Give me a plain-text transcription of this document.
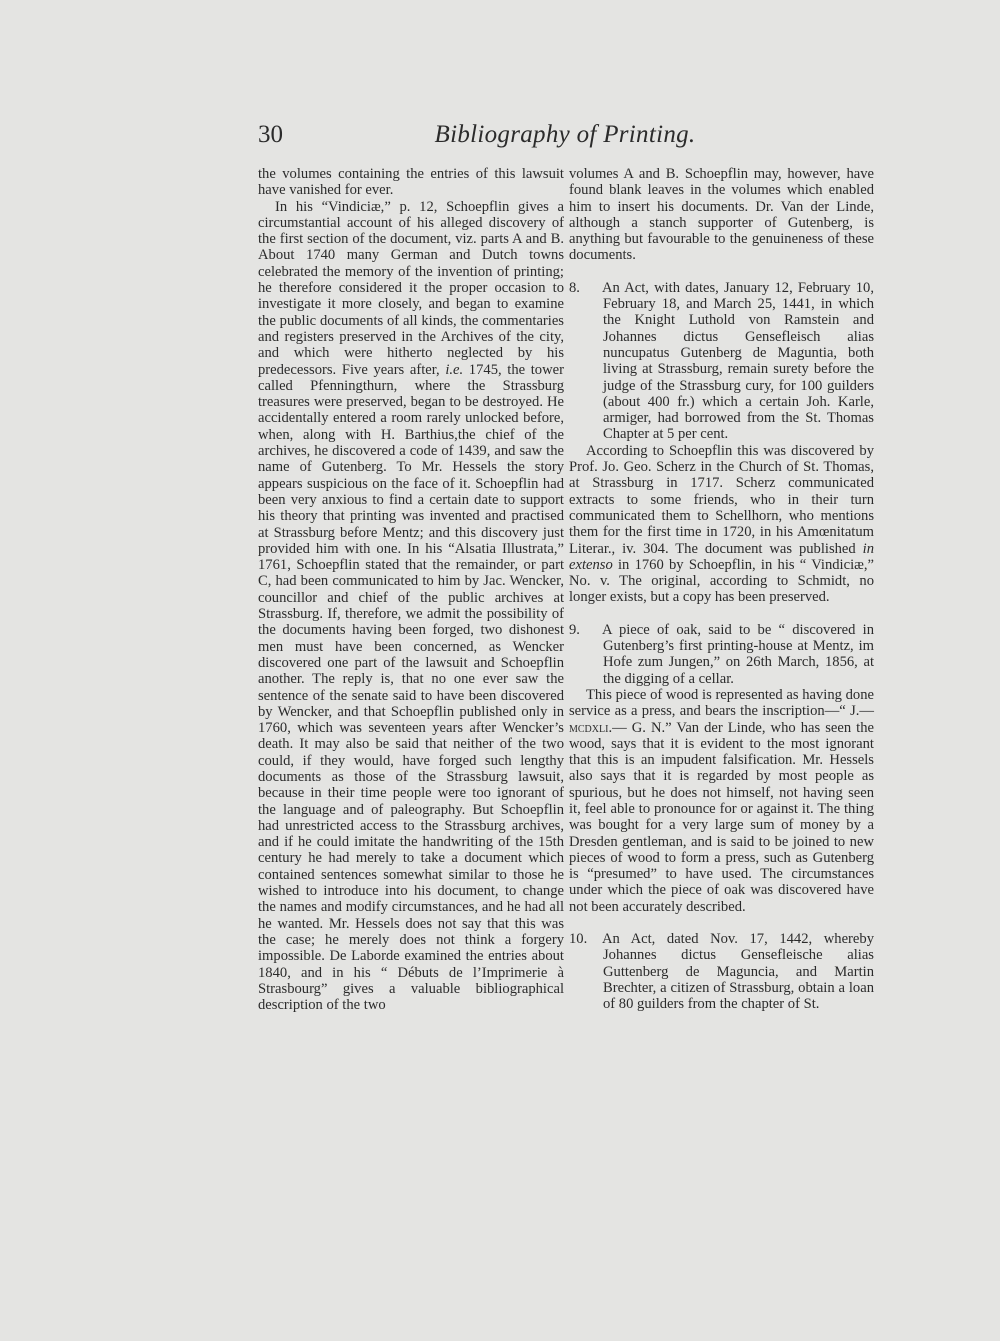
30	Bibliography of Printing.

the volumes containing the entries of this lawsuit have vanished for ever.

In his “Vindiciæ,” p. 12, Schoepflin gives a circumstantial account of his alleged discovery of the first section of the document, viz. parts A and B. About 1740 many German and Dutch towns celebrated the memory of the invention of printing; he therefore considered it the proper occasion to investigate it more closely, and began to examine the public documents of all kinds, the commentaries and registers preserved in the Archives of the city, and which were hitherto neglected by his predecessors. Five years after, i.e. 1745, the tower called Pfenningthurn, where the Strassburg treasures were preserved, began to be destroyed. He accidentally entered a room rarely unlocked before, when, along with H. Barthius,the chief of the archives, he discovered a code of 1439, and saw the name of Gutenberg. To Mr. Hessels the story appears suspicious on the face of it. Schoepflin had been very anxious to find a certain date to support his theory that printing was invented and practised at Strassburg before Mentz; and this discovery just provided him with one. In his “Alsatia Illustrata,” 1761, Schoepflin stated that the remainder, or part C, had been communicated to him by Jac. Wencker, councillor and chief of the public archives at Strassburg. If, therefore, we admit the possibility of the documents having been forged, two dishonest men must have been concerned, as Wencker discovered one part of the lawsuit and Schoepflin another. The reply is, that no one ever saw the sentence of the senate said to have been discovered by Wencker, and that Schoepflin published only in 1760, which was seventeen years after Wencker’s death. It may also be said that neither of the two could, if they would, have forged such lengthy documents as those of the Strassburg lawsuit, because in their time people were too ignorant of the language and of paleography. But Schoepflin had unrestricted access to the Strassburg archives, and if he could imitate the handwriting of the 15th century he had merely to take a document which contained sentences somewhat similar to those he wished to introduce into his document, to change the names and modify circumstances, and he had all he wanted. Mr. Hessels does not say that this was the case; he merely does not think a forgery impossible. De Laborde examined the entries about 1840, and in his “ Débuts de l’Imprimerie à Strasbourg” gives a valuable bibliographical description of the two

volumes A and B. Schoepflin may, however, have found blank leaves in the volumes which enabled him to insert his documents. Dr. Van der Linde, although a stanch supporter of Gutenberg, is anything but favourable to the genuineness of these documents.

8. An Act, with dates, January 12, February 10, February 18, and March 25, 1441, in which the Knight Luthold von Ramstein and Johannes dictus Gensefleisch alias nuncupatus Gutenberg de Maguntia, both living at Strassburg, remain surety before the judge of the Strassburg cury, for 100 guilders (about 400 fr.) which a certain Joh. Karle, armiger, had borrowed from the St. Thomas Chapter at 5 per cent.

According to Schoepflin this was discovered by Prof. Jo. Geo. Scherz in the Church of St. Thomas, at Strassburg in 1717. Scherz communicated extracts to some friends, who in their turn communicated them to Schellhorn, who mentions them for the first time in 1720, in his Amœnitatum Literar., iv. 304. The document was published in extenso in 1760 by Schoepflin, in his “ Vindiciæ,” No. v. The original, according to Schmidt, no longer exists, but a copy has been preserved.

9. A piece of oak, said to be “ discovered in Gutenberg’s first printing-house at Mentz, im Hofe zum Jungen,” on 26th March, 1856, at the digging of a cellar.

This piece of wood is represented as having done service as a press, and bears the inscription—“ J.— mcdxli.— G. N.” Van der Linde, who has seen the wood, says that it is evident to the most ignorant that this is an impudent falsification. Mr. Hessels also says that it is regarded by most people as spurious, but he does not himself, not having seen it, feel able to pronounce for or against it. The thing was bought for a very large sum of money by a Dresden gentleman, and is said to be joined to new pieces of wood to form a press, such as Gutenberg is “presumed” to have used. The circumstances under which the piece of oak was discovered have not been accurately described.

10. An Act, dated Nov. 17, 1442, whereby Johannes dictus Gensefleische alias Guttenberg de Maguncia, and Martin Brechter, a citizen of Strassburg, obtain a loan of 80 guilders from the chapter of St.
